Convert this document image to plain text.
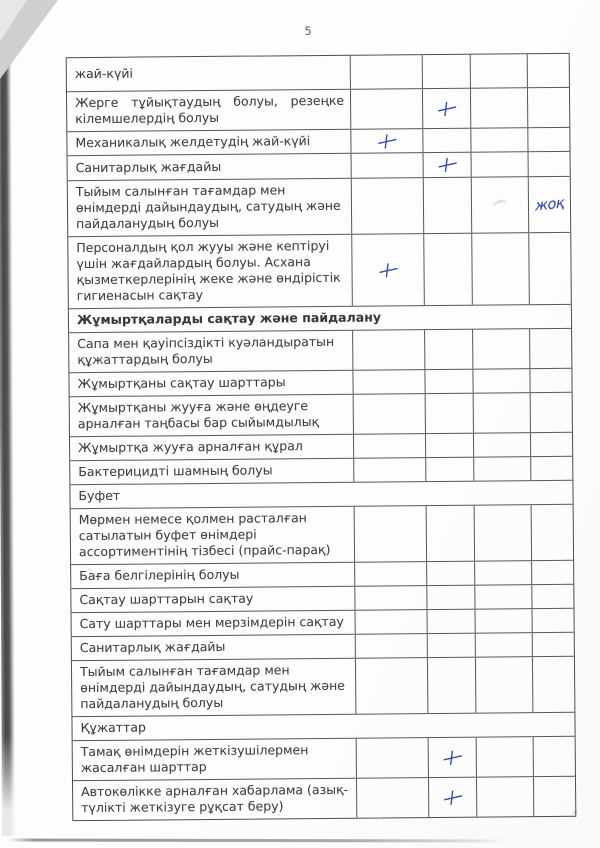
5
жай-күйі
Жерге тұйықтаудың болуы, резеңке кілемшелердің болуы
Механикалық желдетудің жай-күйі
Санитарлық жағдайы
Тыйым салынған тағамдар мен өнімдерді дайындаудың, сатудың және пайдаланудың болуы
жоқ
Персоналдың қол жууы және кептіруі үшін жағдайлардың болуы. Асхана қызметкерлерінің жеке және өндірістік гигиенасын сақтау
Жұмыртқаларды сақтау және пайдалану
Сапа мен қауіпсіздікті куәландыратын құжаттардың болуы
Жұмыртқаны сақтау шарттары
Жұмыртқаны жууға және өңдеуге арналған таңбасы бар сыйымдылық
Жұмыртқа жууға арналған құрал
Бактерицидті шамның болуы
Буфет
Мөрмен немесе қолмен расталған сатылатын буфет өнімдері ассортиментінің тізбесі (прайс-парақ)
Баға белгілерінің болуы
Сақтау шарттарын сақтау
Сату шарттары мен мерзімдерін сақтау
Санитарлық жағдайы
Тыйым салынған тағамдар мен өнімдерді дайындаудың, сатудың және пайдаланудың болуы
Құжаттар
Тамақ өнімдерін жеткізушілермен жасалған шарттар
Автокөлікке арналған хабарлама (азық-түлікті жеткізуге рұқсат беру)
